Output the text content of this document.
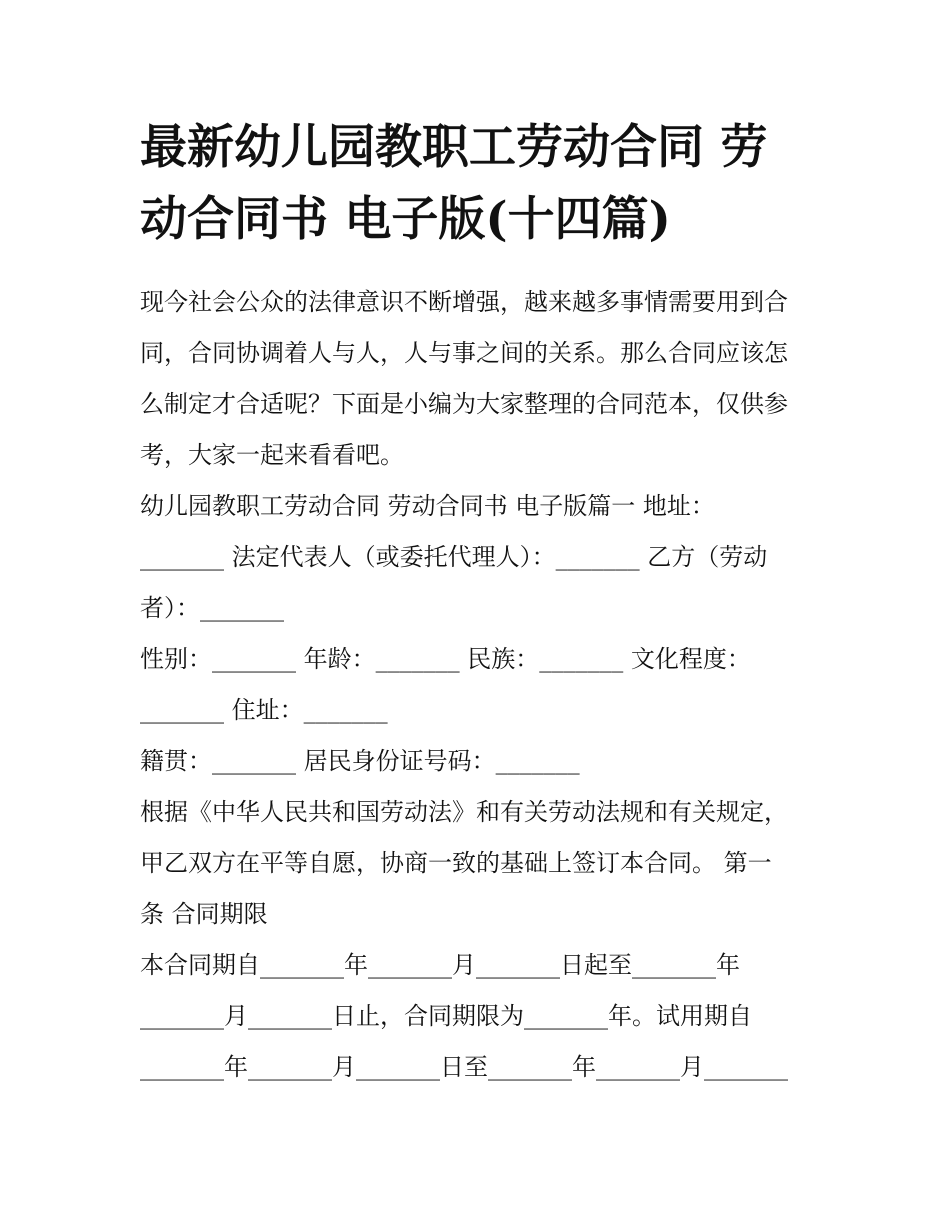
最新幼儿园教职工劳动合同 劳
动合同书 电子版(十四篇)

现今社会公众的法律意识不断增强，越来越多事情需要用到合

同，合同协调着人与人，人与事之间的关系。那么合同应该怎

么制定才合适呢？下面是小编为大家整理的合同范本，仅供参

考，大家一起来看看吧。

幼儿园教职工劳动合同 劳动合同书 电子版篇一 地址：

_______ 法定代表人（或委托代理人）：_______ 乙方（劳动

者）：_______

性别：_______ 年龄：_______ 民族：_______ 文化程度：

_______ 住址：_______

籍贯：_______ 居民身份证号码：_______

根据《中华人民共和国劳动法》和有关劳动法规和有关规定，

甲乙双方在平等自愿，协商一致的基础上签订本合同。 第一

条 合同期限

本合同期自_______年_______月_______日起至_______年

_______月_______日止，合同期限为_______年。试用期自

_______年_______月_______日至_______年_______月_______
